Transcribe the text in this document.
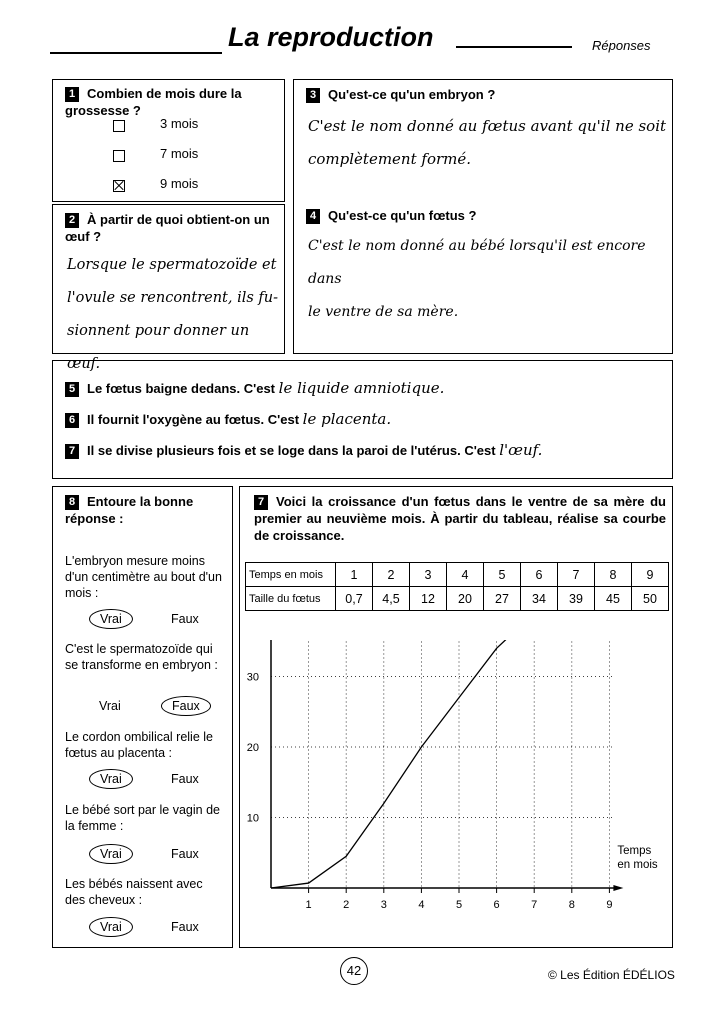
La reproduction	Réponses
1 Combien de mois dure la grossesse ?
3 mois
7 mois
9 mois
2 À partir de quoi obtient-on un œuf ?
Lorsque le spermatozoïde et
l'ovule se rencontrent, ils fu-
sionnent pour donner un œuf.
3 Qu'est-ce qu'un embryon ?
C'est le nom donné au fœtus avant qu'il ne soit
complètement formé.
4 Qu'est-ce qu'un fœtus ?
C'est le nom donné au bébé lorsqu'il est encore dans
le ventre de sa mère.
5 Le fœtus baigne dedans. C'est le liquide amniotique.
6 Il fournit l'oxygène au fœtus. C'est le placenta.
7 Il se divise plusieurs fois et se loge dans la paroi de l'utérus. C'est l'œuf.
8 Entoure la bonne réponse :
L'embryon mesure moins d'un centimètre au bout d'un mois :
Vrai	Faux
C'est le spermatozoïde qui se transforme en embryon :
Vrai	Faux
Le cordon ombilical relie le fœtus au placenta :
Vrai	Faux
Le bébé sort par le vagin de la femme :
Vrai	Faux
Les bébés naissent avec des cheveux :
Vrai	Faux
7 Voici la croissance d'un fœtus dans le ventre de sa mère du premier au neuvième mois. À partir du tableau, réalise sa courbe de croissance.
Temps en mois	1	2	3	4	5	6	7	8	9
Taille du fœtus	0,7	4,5	12	20	27	34	39	45	50
1	2	3	4	5	6	7	8	9
10
20
30
Temps
en mois
42	© Les Édition ÉDÉLIOS
